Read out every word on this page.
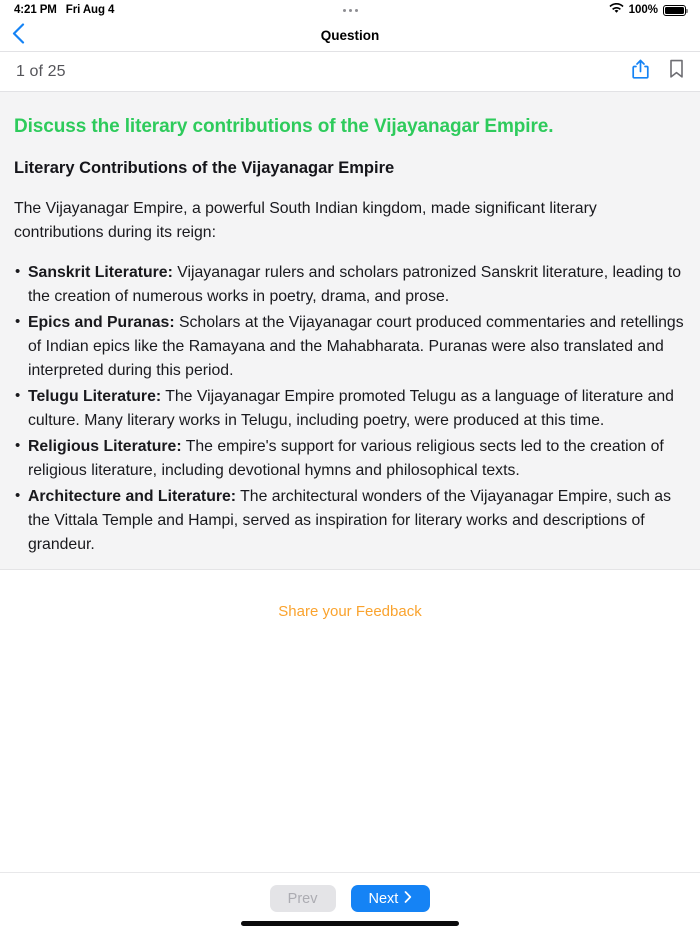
4:21 PM Fri Aug 4	100%
Question
1 of 25
Discuss the literary contributions of the Vijayanagar Empire.
Literary Contributions of the Vijayanagar Empire

The Vijayanagar Empire, a powerful South Indian kingdom, made significant literary contributions during its reign:

• Sanskrit Literature: Vijayanagar rulers and scholars patronized Sanskrit literature, leading to the creation of numerous works in poetry, drama, and prose.
• Epics and Puranas: Scholars at the Vijayanagar court produced commentaries and retellings of Indian epics like the Ramayana and the Mahabharata. Puranas were also translated and interpreted during this period.
• Telugu Literature: The Vijayanagar Empire promoted Telugu as a language of literature and culture. Many literary works in Telugu, including poetry, were produced at this time.
• Religious Literature: The empire's support for various religious sects led to the creation of religious literature, including devotional hymns and philosophical texts.
• Architecture and Literature: The architectural wonders of the Vijayanagar Empire, such as the Vittala Temple and Hampi, served as inspiration for literary works and descriptions of grandeur.
Share your Feedback
Prev	Next
